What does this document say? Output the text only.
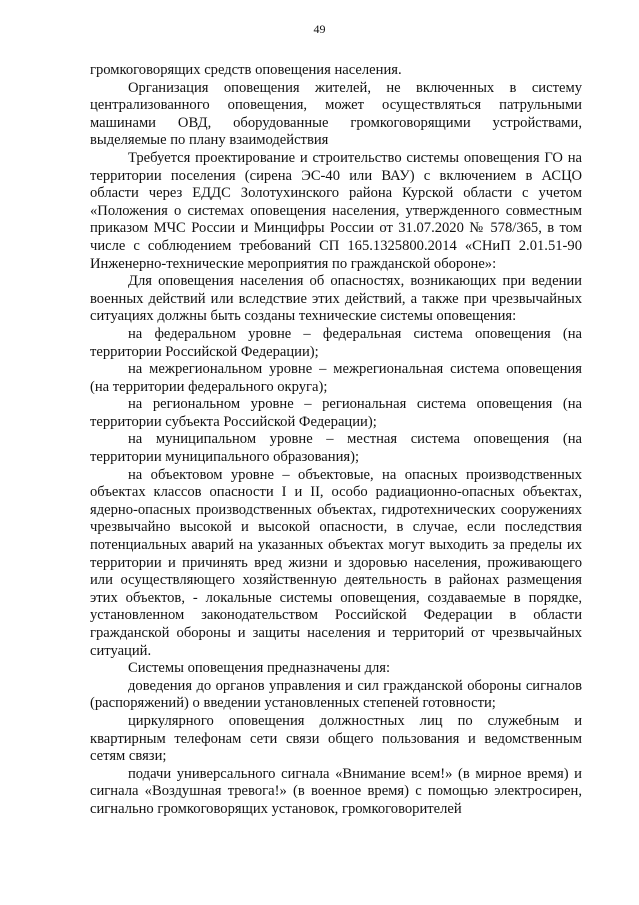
49

громкоговорящих средств оповещения населения.

Организация оповещения жителей, не включенных в систему централизованного оповещения, может осуществляться патрульными машинами ОВД, оборудованные громкоговорящими устройствами, выделяемые по плану взаимодействия

Требуется проектирование и строительство системы оповещения ГО на территории поселения (сирена ЭС-40 или ВАУ) с включением в АСЦО области через ЕДДС Золотухинского района Курской области с учетом «Положения о системах оповещения населения, утвержденного совместным приказом МЧС России и Минцифры России от 31.07.2020 № 578/365, в том числе с соблюдением требований СП 165.1325800.2014 «СНиП 2.01.51-90 Инженерно-технические мероприятия по гражданской обороне»:

Для оповещения населения об опасностях, возникающих при ведении военных действий или вследствие этих действий, а также при чрезвычайных ситуациях должны быть созданы технические системы оповещения:

на федеральном уровне – федеральная система оповещения (на территории Российской Федерации);

на межрегиональном уровне – межрегиональная система оповещения (на территории федерального округа);

на региональном уровне – региональная система оповещения (на территории субъекта Российской Федерации);

на муниципальном уровне – местная система оповещения (на территории муниципального образования);

на объектовом уровне – объектовые, на опасных производственных объектах классов опасности I и II, особо радиационно-опасных объектах, ядерно-опасных производственных объектах, гидротехнических сооружениях чрезвычайно высокой и высокой опасности, в случае, если последствия потенциальных аварий на указанных объектах могут выходить за пределы их территории и причинять вред жизни и здоровью населения, проживающего или осуществляющего хозяйственную деятельность в районах размещения этих объектов, - локальные системы оповещения, создаваемые в порядке, установленном законодательством Российской Федерации в области гражданской обороны и защиты населения и территорий от чрезвычайных ситуаций.

Системы оповещения предназначены для:

доведения до органов управления и сил гражданской обороны сигналов (распоряжений) о введении установленных степеней готовности;

циркулярного оповещения должностных лиц по служебным и квартирным телефонам сети связи общего пользования и ведомственным сетям связи;

подачи универсального сигнала «Внимание всем!» (в мирное время) и сигнала «Воздушная тревога!» (в военное время) с помощью электросирен, сигнально громкоговорящих установок, громкоговорителей
